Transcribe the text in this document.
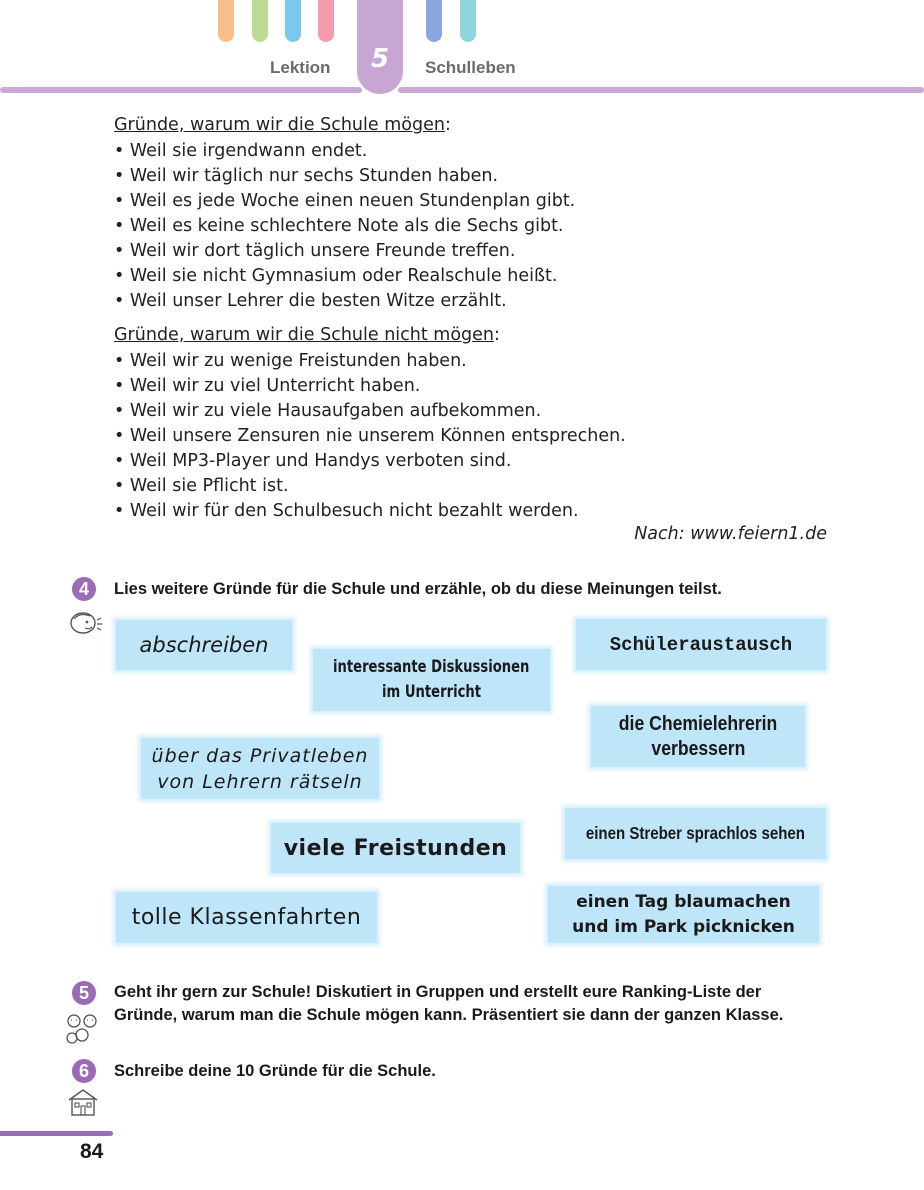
5
Lektion	Schulleben
Gründe, warum wir die Schule mögen:
• Weil sie irgendwann endet.
• Weil wir täglich nur sechs Stunden haben.
• Weil es jede Woche einen neuen Stundenplan gibt.
• Weil es keine schlechtere Note als die Sechs gibt.
• Weil wir dort täglich unsere Freunde treffen.
• Weil sie nicht Gymnasium oder Realschule heißt.
• Weil unser Lehrer die besten Witze erzählt.
Gründe, warum wir die Schule nicht mögen:
• Weil wir zu wenige Freistunden haben.
• Weil wir zu viel Unterricht haben.
• Weil wir zu viele Hausaufgaben aufbekommen.
• Weil unsere Zensuren nie unserem Können entsprechen.
• Weil MP3-Player und Handys verboten sind.
• Weil sie Pflicht ist.
• Weil wir für den Schulbesuch nicht bezahlt werden.
Nach: www.feiern1.de
4	Lies weitere Gründe für die Schule und erzähle, ob du diese Meinungen teilst.
abschreiben
interessante Diskussionen
im Unterricht
Schüleraustausch
die Chemielehrerin
verbessern
über das Privatleben
von Lehrern rätseln
viele Freistunden
einen Streber sprachlos sehen
tolle Klassenfahrten
einen Tag blaumachen
und im Park picknicken
5	Geht ihr gern zur Schule! Diskutiert in Gruppen und erstellt eure Ranking-Liste der
Gründe, warum man die Schule mögen kann. Präsentiert sie dann der ganzen Klasse.
6	Schreibe deine 10 Gründe für die Schule.
84
